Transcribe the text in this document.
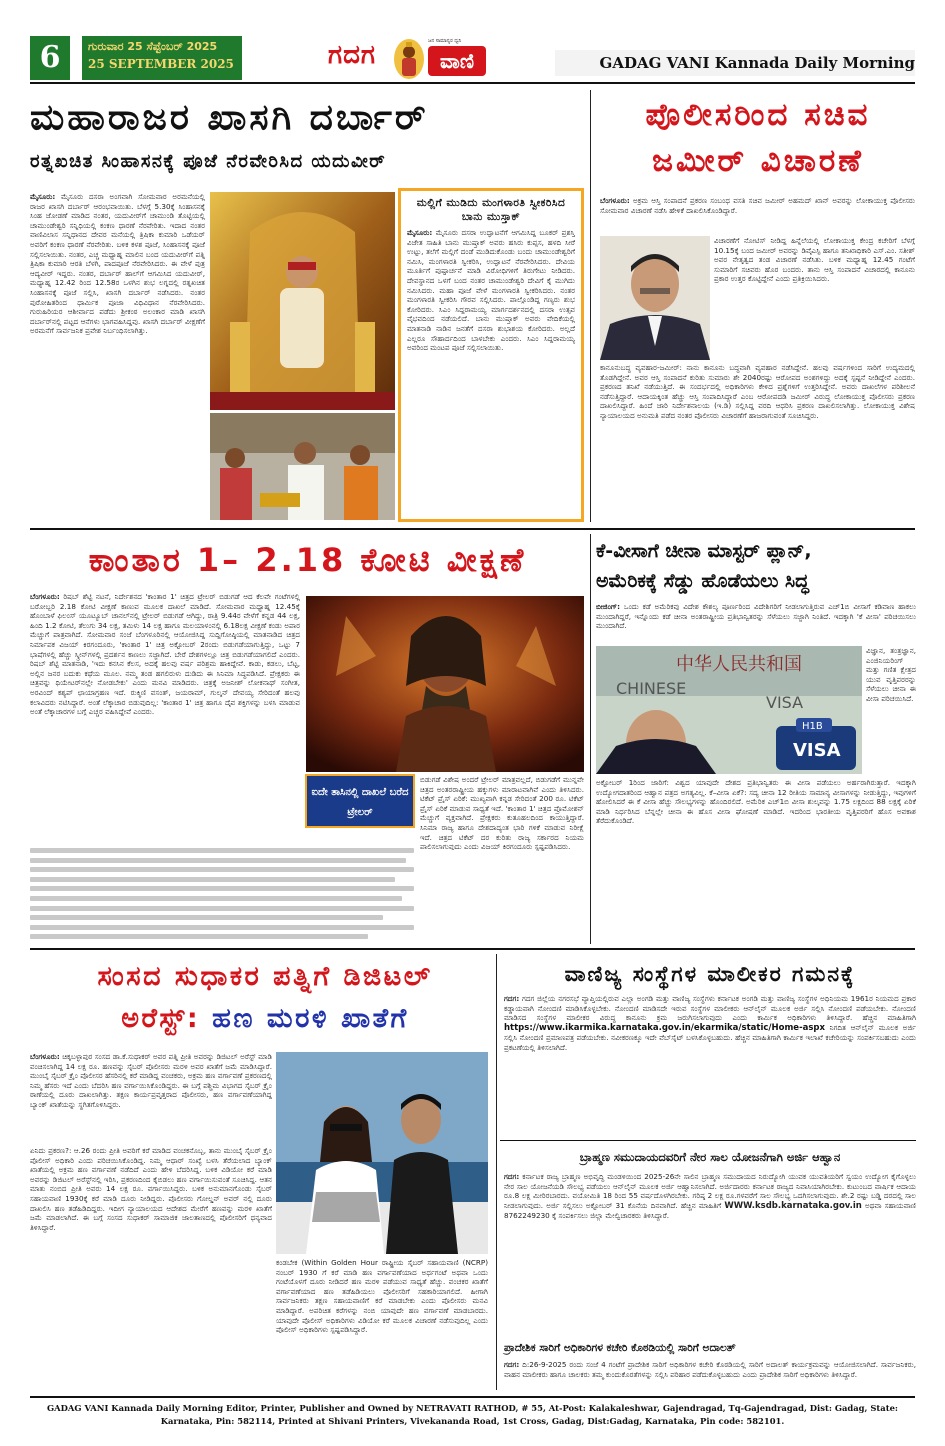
6	ಗುರುವಾರ 25 ಸೆಪ್ಟೆಂಬರ್ 2025
25 SEPTEMBER 2025	ಗದಗ	ವಾಣಿ
ಜನ ಸಾಮಾನ್ಯರ ಧ್ವನಿ
GADAG VANI Kannada Daily Morning
ಮಹಾರಾಜರ ಖಾಸಗಿ ದರ್ಬಾರ್
ರತ್ನಖಚಿತ ಸಿಂಹಾಸನಕ್ಕೆ ಪೂಜೆ ನೆರವೇರಿಸಿದ ಯದುವೀರ್

ಮೈಸೂರು: ಮೈಸೂರು ದಸರಾ ಅಂಗವಾಗಿ ಸೋಮವಾರ ಅರಮನೆಯಲ್ಲಿ ರಾಜರ ಖಾಸಗಿ ದರ್ಬಾರ್ ಆರಂಭವಾಯಿತು. ಬೆಳಗ್ಗೆ 5.30ಕ್ಕೆ ಸಿಂಹಾಸನಕ್ಕೆ ಸಿಂಹ ಜೋಡಣೆ ಮಾಡಿದ ನಂತರ, ಯದುವೀರ್‌ಗೆ ಚಾಮುಂಡಿ ತೊಟ್ಟಿಯಲ್ಲಿ ಚಾಮುಂಡೇಶ್ವರಿ ಸನ್ನಿಧಿಯಲ್ಲಿ ಕಂಕಣ ಧಾರಣೆ ನೆರವೇರಿತು. ಇದಾದ ನಂತರ ವಾಣಿವಿಲಾಸ ಸನ್ನಿಧಾನದ ದೇವರ ಮನೆಯಲ್ಲಿ ತ್ರಿಷಿಕಾ ಕುಮಾರಿ ಒಡೆಯರ್ ಅವರಿಗೆ ಕಂಕಣ ಧಾರಣೆ ನೆರವೇರಿತು. ಬಳಿಕ ಕಳಶ ಪೂಜೆ, ಸಿಂಹಾಸನಕ್ಕೆ ಪೂಜೆ ಸಲ್ಲಿಸಲಾಯಿತು. ನಂತರ, ಎಚ್ಚ ಮಧ್ಯಾಹ್ನ ಮಾಲಿನ ಬಂದ ಯದುವೀರ್‌ಗೆ ಪತ್ನಿ ತ್ರಿಷಿಕಾ ಕುಮಾರಿ ಆರತಿ ಬೆಳಗಿ, ಪಾದಪೂಜೆ ನೆರವೇರಿಸಿದರು. ಈ ವೇಳೆ ಪುತ್ರ ಆದ್ಯವೀರ್ ಇದ್ದರು. ನಂತರ, ದರ್ಬಾರ್ ಹಾಲ್‌ಗೆ ಆಗಮಿಸಿದ ಯದುವೀರ್, ಮಧ್ಯಾಹ್ನ 12.42 ರಿಂದ 12.58ರ ಒಳಗಿನ ಶುಭ ಲಗ್ನದಲ್ಲಿ ರತ್ನಖಚಿತ ಸಿಂಹಾಸನಕ್ಕೆ ಪೂಜೆ ಸಲ್ಲಿಸಿ, ಖಾಸಗಿ ದರ್ಬಾರ್ ನಡೆಸಿದರು. ನಂತರ ಪುರೋಹಿತರಿಂದ ಧಾರ್ಮಿಕ ಪೂಜಾ ವಿಧಿವಿಧಾನ ನೆರವೇರಿಸಿದರು. ಗುರುಹಿರಿಯರ ಆಶೀರ್ವಾದ ಪಡೆದು ಶ್ರೀಕಂಠ ಅಲಂಕಾರ ಮಾಡಿ ಖಾಸಗಿ ದರ್ಬಾರ್‌ನಲ್ಲಿ ಪಟ್ಟದ ಆನೆಗಳು ಭಾಗವಹಿಸಿದ್ದವು. ಖಾಸಗಿ ದರ್ಬಾರ್ ವೀಕ್ಷಣೆಗೆ ಅರಮನೆಗೆ ಸಾರ್ವಜನಿಕ ಪ್ರವೇಶ ನಿರ್ಬಂಧಿಸಲಾಗಿತ್ತು.

ಮಲ್ಲಿಗೆ ಮುಡಿದು ಮಂಗಳಾರತಿ ಸ್ವೀಕರಿಸಿದ ಬಾನು ಮುಸ್ತಾಕ್

ಮೈಸೂರು: ಮೈಸೂರು ದಸರಾ ಉದ್ಘಾಟನೆಗೆ ಆಗಮಿಸಿದ್ದ ಬೂಕರ್ ಪ್ರಶಸ್ತಿ ವಿಜೇತ ಸಾಹಿತಿ ಬಾನು ಮುಷ್ತಾಕ್ ಅವರು ಹಸಿರು ಕುಪ್ಪಸ, ಹಳದಿ ಸೀರೆ ಉಟ್ಟು, ತಲೆಗೆ ಮಲ್ಲಿಗೆ ದಂಡೆ ಮುಡಿದುಕೊಂಡು ಬಂದು ಚಾಮುಂಡೇಶ್ವರಿಗೆ ನಮಿಸಿ, ಮಂಗಳಾರತಿ ಸ್ವೀಕರಿಸಿ, ಉದ್ಘಾಟನೆ ನೆರವೇರಿಸಿದರು. ದೇವಿಯ ಮೂರ್ತಿಗೆ ಪುಷ್ಪಾರ್ಚನೆ ಮಾಡಿ ವಿರೋಧಿಗಳಿಗೆ ತಿರುಗೇಟು ನೀಡಿದರು. ದೇವಸ್ಥಾನದ ಒಳಗೆ ಬಂದ ನಂತರ ಚಾಮುಂಡೇಶ್ವರಿ ದೇವಿಗೆ ಕೈ ಮುಗಿದು ನಮಿಸಿದರು. ಮಹಾ ಪೂಜೆ ವೇಳೆ ಮಂಗಳಾರತಿ ಸ್ವೀಕರಿಸಿದರು. ನಂತರ ಮಂಗಳಾರತಿ ಸ್ವೀಕರಿಸಿ ಗೌರವ ಸಲ್ಲಿಸಿದರು. ಪಾಲ್ಗೊಂಡಿದ್ದ ಗಣ್ಯರು ಶುಭ ಕೋರಿದರು. ಸಿಎಂ ಸಿದ್ದರಾಮಯ್ಯ ಮಾರ್ಗದರ್ಶನದಲ್ಲಿ ದಸರಾ ಉತ್ಸವ ವೈಭವದಿಂದ ನಡೆಯಲಿದೆ. ಬಾನು ಮುಷ್ತಾಕ್ ಅವರು ವೇದಿಕೆಯಲ್ಲಿ ಮಾತನಾಡಿ ನಾಡಿನ ಜನತೆಗೆ ದಸರಾ ಶುಭಾಶಯ ಕೋರಿದರು. ಅಲ್ಲದೆ ಎಲ್ಲರೂ ಸೌಹಾರ್ದದಿಂದ ಬಾಳಬೇಕು ಎಂದರು. ಸಿಎಂ ಸಿದ್ದರಾಮಯ್ಯ ಅವರಿಂದ ಮಂಟಪ ಪೂಜೆ ಸಲ್ಲಿಸಲಾಯಿತು.

ಪೊಲೀಸರಿಂದ ಸಚಿವ
ಜಮೀರ್ ವಿಚಾರಣೆ

ಬೆಂಗಳೂರು: ಅಕ್ರಮ ಆಸ್ತಿ ಸಂಪಾದನೆ ಪ್ರಕರಣ ಸಂಬಂಧ ವಸತಿ ಸಚಿವ ಜಮೀರ್ ಅಹಮದ್ ಖಾನ್ ಅವರನ್ನು ಲೋಕಾಯುಕ್ತ ಪೊಲೀಸರು ಸೋಮವಾರ ವಿಚಾರಣೆ ನಡೆಸಿ ಹೇಳಿಕೆ ದಾಖಲಿಸಿಕೊಂಡಿದ್ದಾರೆ.

ವಿಚಾರಣೆಗೆ ನೋಟಿಸ್ ನೀಡಿದ್ದ ಹಿನ್ನೆಲೆಯಲ್ಲಿ ಲೋಕಾಯುಕ್ತ ಕೇಂದ್ರ ಕಚೇರಿಗೆ ಬೆಳಗ್ಗೆ 10.15ಕ್ಕೆ ಬಂದ ಜಮೀರ್ ಅವರನ್ನು ಡಿವೈಎಸ್ಪಿ ಹಾಗೂ ತನಿಖಾಧಿಕಾರಿ ಎಸ್.ಎಂ. ಸತೀಶ್ ಅವರ ನೇತೃತ್ವದ ತಂಡ ವಿಚಾರಣೆ ನಡೆಸಿತು. ಬಳಿಕ ಮಧ್ಯಾಹ್ನ 12.45 ಗಂಟೆಗೆ ಸುಮಾರಿಗೆ ಸಚಿವರು ಹೊರ ಬಂದರು. ತಾನು ಆಸ್ತಿ ಸಂಪಾದನೆ ವಿಚಾರದಲ್ಲಿ ಕಾನೂನು ಪ್ರಕಾರ ಉತ್ತರ ಕೊಟ್ಟಿದ್ದೇನೆ ಎಂದು ಪ್ರತಿಕ್ರಿಯಿಸಿದರು.

ಕಾನೂನುಬದ್ಧ ವ್ಯವಹಾರ-ಜಮೀರ್: ನಾನು ಕಾನೂನು ಬದ್ಧವಾಗಿ ವ್ಯವಹಾರ ನಡೆಸಿದ್ದೇನೆ. ಹಲವು ವರ್ಷಗಳಿಂದ ಸಾರಿಗೆ ಉದ್ಯಮದಲ್ಲಿ ತೊಡಗಿದ್ದೇನೆ. ಅವರ ಆಸ್ತಿ ಸಂಪಾದನೆ ಕುರಿತು ಸುಮಾರು ಶೇ 2040ರಷ್ಟು ಆರೋಪದ ಅಂಶಗಳಿದ್ದು ಅದಕ್ಕೆ ಸ್ಪಷ್ಟನೆ ನೀಡಿದ್ದೇನೆ ಎಂದರು. ಪ್ರಕರಣದ ತನಿಖೆ ನಡೆಯುತ್ತಿದೆ. ಈ ಸಂದರ್ಭದಲ್ಲಿ ಅಧಿಕಾರಿಗಳು ಕೇಳಿದ ಪ್ರಶ್ನೆಗಳಿಗೆ ಉತ್ತರಿಸಿದ್ದೇನೆ. ಅವರು ದಾಖಲೆಗಳ ಪರಿಶೀಲನೆ ನಡೆಸುತ್ತಿದ್ದಾರೆ. ಆದಾಯಕ್ಕಿಂತ ಹೆಚ್ಚು ಆಸ್ತಿ ಸಂಪಾದಿಸಿದ್ದಾರೆ ಎಂಬ ಆರೋಪದಡಿ ಜಮೀರ್ ವಿರುದ್ಧ ಲೋಕಾಯುಕ್ತ ಪೊಲೀಸರು ಪ್ರಕರಣ ದಾಖಲಿಸಿದ್ದಾರೆ. ಹಿಂದೆ ಜಾರಿ ನಿರ್ದೇಶನಾಲಯ (ಇ.ಡಿ) ಸಲ್ಲಿಸಿದ್ದ ವರದಿ ಆಧರಿಸಿ ಪ್ರಕರಣ ದಾಖಲಿಸಲಾಗಿತ್ತು. ಲೋಕಾಯುಕ್ತ ವಿಶೇಷ ನ್ಯಾಯಾಲಯದ ಅನುಮತಿ ಪಡೆದ ನಂತರ ಪೊಲೀಸರು ವಿಚಾರಣೆಗೆ ಹಾಜರಾಗುವಂತೆ ಸೂಚಿಸಿದ್ದರು.

ಕಾಂತಾರ 1– 2.18 ಕೋಟಿ ವೀಕ್ಷಣೆ

ಬೆಂಗಳೂರು: ರಿಷಬ್ ಶೆಟ್ಟಿ ನಟನೆ, ನಿರ್ದೇಶನದ 'ಕಾಂತಾರ 1' ಚಿತ್ರದ ಟ್ರೇಲರ್ ಬಿಡುಗಡೆ ಆದ ಕೆಲವೇ ಗಂಟೆಗಳಲ್ಲಿ ಬರೋಬ್ಬರಿ 2.18 ಕೋಟಿ ವೀಕ್ಷಣೆ ಕಾಣುವ ಮೂಲಕ ದಾಖಲೆ ಮಾಡಿದೆ. ಸೋಮವಾರ ಮಧ್ಯಾಹ್ನ 12.45ಕ್ಕೆ ಹೊಂಬಾಳೆ ಫಿಲಂಸ್ ಯೂಟ್ಯೂಬ್ ಚಾನಲ್‌ನಲ್ಲಿ ಟ್ರೇಲರ್ ಬಿಡುಗಡೆ ಆಗಿದ್ದು, ರಾತ್ರಿ 9.44ರ ವೇಳೆಗೆ ಕನ್ನಡ 44 ಲಕ್ಷ, ಹಿಂದಿ 1.2 ಕೋಟಿ, ತೆಲುಗು 34 ಲಕ್ಷ, ತಮಿಳು 14 ಲಕ್ಷ ಹಾಗೂ ಮಲಯಾಳಂನಲ್ಲಿ 6.18ಲಕ್ಷ ವೀಕ್ಷಣೆ ಕಂಡು ಅಪಾರ ಮೆಚ್ಚುಗೆ ಪಾತ್ರವಾಗಿದೆ. ಸೋಮವಾರ ಸಂಜೆ ಬೆಂಗಳೂರಿನಲ್ಲಿ ಆಯೋಜಿಸಿದ್ದ ಸುದ್ದಿಗೋಷ್ಠಿಯಲ್ಲಿ ಮಾತನಾಡಿದ ಚಿತ್ರದ ನಿರ್ಮಾಪಕ ವಿಜಯ್ ಕಿರಗಂದೂರು, 'ಕಾಂತಾರ 1' ಚಿತ್ರ ಅಕ್ಟೋಬರ್ 2ರಂದು ಬಿಡುಗಡೆಯಾಗುತ್ತಿದ್ದು, ಒಟ್ಟು 7 ಭಾಷೆಗಳಲ್ಲಿ ಹೆಚ್ಚು ಸ್ಕ್ರೀನ್‌ಗಳಲ್ಲಿ ಪ್ರದರ್ಶನ ಕಾಣಲು ಸಜ್ಜಾಗಿದೆ. ಬೇರೆ ದೇಶಗಳಲ್ಲೂ ಚಿತ್ರ ಬಿಡುಗಡೆಯಾಗಲಿದೆ ಎಂದರು. ರಿಷಬ್ ಶೆಟ್ಟಿ ಮಾತನಾಡಿ, 'ಇದು ಕನಸಿನ ಕೆಲಸ, ಅದಕ್ಕೆ ಹಲವು ವರ್ಷ ಪರಿಶ್ರಮ ಹಾಕಿದ್ದೇವೆ. ಕಾಡು, ಕಡಲು, ಬೆಟ್ಟ, ಅಲ್ಲಿನ ಜನರ ಬದುಕು ಕಥೆಯ ಮೂಲ. ನಮ್ಮ ತಂಡ ಹಗಲಿರುಳು ದುಡಿದು ಈ ಸಿನಿಮಾ ಸಿದ್ಧಪಡಿಸಿದೆ. ಪ್ರೇಕ್ಷಕರು ಈ ಚಿತ್ರವನ್ನು ಥಿಯೇಟರ್‌ನಲ್ಲೇ ನೋಡಬೇಕು' ಎಂದು ಮನವಿ ಮಾಡಿದರು. ಚಿತ್ರಕ್ಕೆ ಅಜನೀಶ್ ಲೋಕನಾಥ್ ಸಂಗೀತ, ಅರವಿಂದ್ ಕಶ್ಯಪ್ ಛಾಯಾಗ್ರಹಣ ಇದೆ. ರುಕ್ಮಿಣಿ ವಸಂತ್, ಜಯರಾಮ್, ಗುಲ್ಶನ್ ದೇವಯ್ಯ ಸೇರಿದಂತೆ ಹಲವು ಕಲಾವಿದರು ನಟಿಸಿದ್ದಾರೆ. ಅಂತೆ ಲೆಕ್ಕಾಚಾರ ಬಿಡುವುದಿಲ್ಲ: 'ಕಾಂತಾರ 1' ಚಿತ್ರ ಹಾಗೂ ದೈವ ಶಕ್ತಿಗಳನ್ನು ಬಳಸಿ ಮಾಡುವ ಅಂತೆ ಲೆಕ್ಕಾಚಾರಗಳ ಬಗ್ಗೆ ಎಚ್ಚರ ವಹಿಸಿದ್ದೇವೆ ಎಂದರು.

ಐದೇ ತಾಸಿನಲ್ಲಿ ದಾಖಲೆ ಬರೆದ ಟ್ರೇಲರ್

ಬಿಡುಗಡೆ ವಿಶೇಷ ಅಂದರೆ ಟ್ರೇಲರ್‌ ಮಾತ್ರವಲ್ಲದೆ, ಬಿಡುಗಡೆಗೆ ಮುನ್ನವೇ ಚಿತ್ರದ ಅಂತರರಾಷ್ಟ್ರೀಯ ಹಕ್ಕುಗಳು ಮಾರಾಟವಾಗಿವೆ ಎಂದು ತಿಳಿಸಿದರು. ಟಿಕೆಟ್ ಪ್ರೈಸ್ ಏರಿಕೆ: ಮುಖ್ಯವಾಗಿ ಕನ್ನಡ ಸೇರಿದಂತೆ 200 ರೂ. ಟಿಕೆಟ್ ಪ್ರೈಸ್ ಏರಿಕೆ ಮಾಡುವ ಸಾಧ್ಯತೆ ಇದೆ. 'ಕಾಂತಾರ 1' ಚಿತ್ರದ ಪ್ರೊಮೋಶನ್ ಮೆಚ್ಚುಗೆ ವ್ಯಕ್ತವಾಗಿದೆ. ಪ್ರೇಕ್ಷಕರು ಕುತೂಹಲದಿಂದ ಕಾಯುತ್ತಿದ್ದಾರೆ. ಸಿನಿಮಾ ರಾಜ್ಯ ಹಾಗೂ ದೇಶದಾದ್ಯಂತ ಭಾರಿ ಗಳಿಕೆ ಮಾಡುವ ನಿರೀಕ್ಷೆ ಇದೆ. ಚಿತ್ರದ ಟಿಕೆಟ್ ದರ ಕುರಿತು ರಾಜ್ಯ ಸರ್ಕಾರದ ನಿಯಮ ಪಾಲಿಸಲಾಗುವುದು ಎಂದು ವಿಜಯ್ ಕಿರಗಂದೂರು ಸ್ಪಷ್ಟಪಡಿಸಿದರು.

ಕೆ-ವೀಸಾಗೆ ಚೀನಾ ಮಾಸ್ಟರ್ ಪ್ಲಾನ್,
ಅಮೆರಿಕಕ್ಕೆ ಸೆಡ್ಡು ಹೊಡೆಯಲು ಸಿದ್ಧ

ಬೀಜಿಂಗ್: ಒಂದು ಕಡೆ ಅಮೆರಿಕವು ವಿದೇಶ ಕೌಶಲ್ಯ ಪೂರ್ಣರಿಂದ ವಿದೇಶಿಗರಿಗೆ ನೀಡಲಾಗುತ್ತಿರುವ ಎಚ್‌1ಬಿ ವೀಸಾಗೆ ಕಡಿವಾಣ ಹಾಕಲು ಮುಂದಾಗಿದ್ದರೆ, ಇನ್ನೊಂದು ಕಡೆ ಚೀನಾ ಅಂತರಾಷ್ಟ್ರೀಯ ಪ್ರತಿಭಾನ್ವಿತರನ್ನು ಸೆಳೆಯಲು ಸಜ್ಜಾಗಿ ನಿಂತಿದೆ. ಇದಕ್ಕಾಗಿ 'ಕೆ ವೀಸಾ' ಪರಿಚಯಿಸಲು ಮುಂದಾಗಿದೆ.

中华人民共和国
CHINESE
VISA
VISA
H1B

ವಿಜ್ಞಾನ, ತಂತ್ರಜ್ಞಾನ, ಎಂಜಿನಿಯರಿಂಗ್ ಮತ್ತು ಗಣಿತ ಕ್ಷೇತ್ರದ ಯುವ ವೃತ್ತಿಪರರನ್ನು ಸೆಳೆಯಲು ಚೀನಾ ಈ ವೀಸಾ ಪರಿಚಯಿಸಿದೆ.

ಅಕ್ಟೋಬರ್ 1ರಿಂದ ಜಾರಿಗೆ: ವಿಶ್ವದ ಯಾವುದೇ ದೇಶದ ಪ್ರತಿಭಾನ್ವಿತರು ಈ ವೀಸಾ ಪಡೆಯಲು ಅರ್ಹರಾಗಿರುತ್ತಾರೆ. ಇದಕ್ಕಾಗಿ ಉದ್ಯೋಗದಾತರಿಂದ ಆಹ್ವಾನ ಪತ್ರದ ಅಗತ್ಯವಿಲ್ಲ. ಕೆ–ವೀಸಾ ಏಕೆ?: ಸದ್ಯ ಚೀನಾ 12 ರೀತಿಯ ಸಾಮಾನ್ಯ ವೀಸಾಗಳನ್ನು ನೀಡುತ್ತಿದ್ದು, ಇವುಗಳಿಗೆ ಹೋಲಿಸಿದರೆ ಈ ಕೆ ವೀಸಾ ಹೆಚ್ಚು ಸೌಲಭ್ಯಗಳನ್ನು ಹೊಂದಿರಲಿದೆ. ಅಮೆರಿಕ ಎಚ್‌1ಬಿ ವೀಸಾ ಶುಲ್ಕವನ್ನು 1.75 ಲಕ್ಷದಿಂದ 88 ಲಕ್ಷಕ್ಕೆ ಏರಿಕೆ ಮಾಡಿ ನಿರ್ಧರಿಸಿದ ಬೆನ್ನಲ್ಲೇ ಚೀನಾ ಈ ಹೊಸ ವೀಸಾ ಘೋಷಣೆ ಮಾಡಿದೆ. ಇದರಿಂದ ಭಾರತೀಯ ವೃತ್ತಿಪರರಿಗೆ ಹೊಸ ಅವಕಾಶ ತೆರೆದುಕೊಂಡಿದೆ.

ಸಂಸದ ಸುಧಾಕರ ಪತ್ನಿಗೆ ಡಿಜಿಟಲ್
ಅರೆಸ್ಟ್: ಹಣ ಮರಳಿ ಖಾತೆಗೆ

ಬೆಂಗಳೂರು: ಚಿಕ್ಕಬಳ್ಳಾಪುರ ಸಂಸದ ಡಾ.ಕೆ.ಸುಧಾಕರ್ ಅವರ ಪತ್ನಿ ಪ್ರೀತಿ ಅವರನ್ನು ಡಿಜಿಟಲ್ ಅರೆಸ್ಟ್ ಮಾಡಿ ವಂಚಿಸಲಾಗಿದ್ದ 14 ಲಕ್ಷ ರೂ. ಹಣವನ್ನು ಸೈಬರ್ ಪೊಲೀಸರು ಮರಳಿ ಅವರ ಖಾತೆಗೆ ಜಮೆ ಮಾಡಿಸಿದ್ದಾರೆ. ಮುಂಬೈ ಸೈಬರ್ ಕ್ರೈಂ ಪೊಲೀಸರ ಹೆಸರಿನಲ್ಲಿ ಕರೆ ಮಾಡಿದ್ದ ವಂಚಕರು, ಅಕ್ರಮ ಹಣ ವರ್ಗಾವಣೆ ಪ್ರಕರಣದಲ್ಲಿ ನಿಮ್ಮ ಹೆಸರು ಇದೆ ಎಂದು ಬೆದರಿಸಿ ಹಣ ವರ್ಗಾಯಿಸಿಕೊಂಡಿದ್ದರು. ಈ ಬಗ್ಗೆ ಪಶ್ಚಿಮ ವಿಭಾಗದ ಸೈಬರ್ ಕ್ರೈಂ ಠಾಣೆಯಲ್ಲಿ ದೂರು ದಾಖಲಾಗಿತ್ತು. ತಕ್ಷಣ ಕಾರ್ಯಪ್ರವೃತ್ತರಾದ ಪೊಲೀಸರು, ಹಣ ವರ್ಗಾವಣೆಯಾಗಿದ್ದ ಬ್ಯಾಂಕ್ ಖಾತೆಯನ್ನು ಸ್ಥಗಿತಗೊಳಿಸಿದ್ದರು.

ಏನಿದು ಪ್ರಕರಣ?: ಆ.26 ರಂದು ಪ್ರೀತಿ ಅವರಿಗೆ ಕರೆ ಮಾಡಿದ ವಂಚಕನೊಬ್ಬ, ತಾನು ಮುಂಬೈ ಸೈಬರ್ ಕ್ರೈಂ ಪೊಲೀಸ್ ಅಧಿಕಾರಿ ಎಂದು ಪರಿಚಯಿಸಿಕೊಂಡಿದ್ದ. ನಿಮ್ಮ ಆಧಾರ್ ಸಂಖ್ಯೆ ಬಳಸಿ ತೆರೆಯಲಾದ ಬ್ಯಾಂಕ್ ಖಾತೆಯಲ್ಲಿ ಅಕ್ರಮ ಹಣ ವರ್ಗಾವಣೆ ನಡೆದಿದೆ ಎಂದು ಹೇಳಿ ಬೆದರಿಸಿದ್ದ. ಬಳಿಕ ವಿಡಿಯೋ ಕರೆ ಮಾಡಿ ಅವರನ್ನು ಡಿಜಿಟಲ್ ಅರೆಸ್ಟ್‌ನಲ್ಲಿ ಇರಿಸಿ, ಪ್ರಕರಣದಿಂದ ಕೈಬಿಡಲು ಹಣ ವರ್ಗಾಯಿಸುವಂತೆ ಸೂಚಿಸಿದ್ದ. ಆತನ ಮಾತು ನಂಬಿದ ಪ್ರೀತಿ ಅವರು 14 ಲಕ್ಷ ರೂ. ವರ್ಗಾಯಿಸಿದ್ದರು. ಬಳಿಕ ಅನುಮಾನಗೊಂಡು ಸೈಬರ್ ಸಹಾಯವಾಣಿ 1930ಕ್ಕೆ ಕರೆ ಮಾಡಿ ದೂರು ನೀಡಿದ್ದರು. ಪೊಲೀಸರು ಗೋಲ್ಡನ್ ಅವರ್ ನಲ್ಲಿ ದೂರು ದಾಖಲಿಸಿ ಹಣ ತಡೆಹಿಡಿದಿದ್ದರು. ಇದೀಗ ನ್ಯಾಯಾಲಯದ ಆದೇಶದ ಮೇರೆಗೆ ಹಣವನ್ನು ಮರಳಿ ಖಾತೆಗೆ ಜಮೆ ಮಾಡಲಾಗಿದೆ. ಈ ಬಗ್ಗೆ ಸಂಸದ ಸುಧಾಕರ್ ಸಾಮಾಜಿಕ ಜಾಲತಾಣದಲ್ಲಿ ಪೊಲೀಸರಿಗೆ ಧನ್ಯವಾದ ತಿಳಿಸಿದ್ದಾರೆ.

ಕಂಡಬೇಕ (Within Golden Hour ರಾಷ್ಟ್ರೀಯ ಸೈಬರ್ ಸಹಾಯವಾಣಿ (NCRP) ನಂಬರ್ 1930 ಗೆ ಕರೆ ಮಾಡಿ ಹಣ ವರ್ಗಾವಣೆಯಾದ ಅರ್ಧಗಂಟೆ ಅಥವಾ ಒಂದು ಗಂಟೆಯೊಳಗೆ ದೂರು ನೀಡಿದರೆ ಹಣ ಮರಳಿ ಪಡೆಯುವ ಸಾಧ್ಯತೆ ಹೆಚ್ಚು. ವಂಚಕರ ಖಾತೆಗೆ ವರ್ಗಾವಣೆಯಾದ ಹಣ ತಡೆಹಿಡಿಯಲು ಪೊಲೀಸರಿಗೆ ಸಹಕಾರಿಯಾಗಲಿದೆ. ಹೀಗಾಗಿ ಸಾರ್ವಜನಿಕರು ತಕ್ಷಣ ಸಹಾಯವಾಣಿಗೆ ಕರೆ ಮಾಡಬೇಕು ಎಂದು ಪೊಲೀಸರು ಮನವಿ ಮಾಡಿದ್ದಾರೆ. ಅಪರಿಚಿತ ಕರೆಗಳನ್ನು ನಂಬಿ ಯಾವುದೇ ಹಣ ವರ್ಗಾವಣೆ ಮಾಡಬಾರದು. ಯಾವುದೇ ಪೊಲೀಸ್ ಅಧಿಕಾರಿಗಳು ವಿಡಿಯೋ ಕರೆ ಮೂಲಕ ವಿಚಾರಣೆ ನಡೆಸುವುದಿಲ್ಲ ಎಂದು ಪೊಲೀಸ್ ಅಧಿಕಾರಿಗಳು ಸ್ಪಷ್ಟಪಡಿಸಿದ್ದಾರೆ.

ವಾಣಿಜ್ಯ ಸಂಸ್ಥೆಗಳ ಮಾಲೀಕರ ಗಮನಕ್ಕೆ

ಗದಗ: ಗದಗ ಜಿಲ್ಲೆಯ ನಗರಸಭೆ ವ್ಯಾಪ್ತಿಯಲ್ಲಿರುವ ಎಲ್ಲಾ ಅಂಗಡಿ ಮತ್ತು ವಾಣಿಜ್ಯ ಸಂಸ್ಥೆಗಳು ಕರ್ನಾಟಕ ಅಂಗಡಿ ಮತ್ತು ವಾಣಿಜ್ಯ ಸಂಸ್ಥೆಗಳ ಅಧಿನಿಯಮ 1961ರ ನಿಯಮದ ಪ್ರಕಾರ ಕಡ್ಡಾಯವಾಗಿ ನೋಂದಣಿ ಮಾಡಿಸಿಕೊಳ್ಳಬೇಕು. ನೋಂದಣಿ ಮಾಡಿಸದೇ ಇರುವ ಸಂಸ್ಥೆಗಳ ಮಾಲೀಕರು ಆನ್‌ಲೈನ್ ಮೂಲಕ ಅರ್ಜಿ ಸಲ್ಲಿಸಿ ನೋಂದಣಿ ಪಡೆಯಬೇಕು. ನೋಂದಣಿ ಮಾಡಿಸದ ಸಂಸ್ಥೆಗಳ ಮಾಲೀಕರ ವಿರುದ್ಧ ಕಾನೂನು ಕ್ರಮ ಜರುಗಿಸಲಾಗುವುದು ಎಂದು ಕಾರ್ಮಿಕ ಅಧಿಕಾರಿಗಳು ತಿಳಿಸಿದ್ದಾರೆ. ಹೆಚ್ಚಿನ ಮಾಹಿತಿಗಾಗಿ https://www.ikarmika.karnataka.gov.in/ekarmika/static/Home-aspx ನಿಗದಿತ ಆನ್‌ಲೈನ್ ಮೂಲಕ ಅರ್ಜಿ ಸಲ್ಲಿಸಿ ನೋಂದಣಿ ಪ್ರಮಾಣಪತ್ರ ಪಡೆಯಬೇಕು. ನವೀಕರಣಕ್ಕೂ ಇದೇ ವೆಬ್‌ಸೈಟ್ ಬಳಸಿಕೊಳ್ಳಬಹುದು. ಹೆಚ್ಚಿನ ಮಾಹಿತಿಗಾಗಿ ಕಾರ್ಮಿಕ ಇಲಾಖೆ ಕಚೇರಿಯನ್ನು ಸಂಪರ್ಕಿಸಬಹುದು ಎಂದು ಪ್ರಕಟಣೆಯಲ್ಲಿ ತಿಳಿಸಲಾಗಿದೆ.

ಬ್ರಾಹ್ಮಣ ಸಮುದಾಯದವರಿಗೆ ನೇರ ಸಾಲ ಯೋಜನೆಗಾಗಿ ಅರ್ಜಿ ಆಹ್ವಾನ

ಗದಗ: ಕರ್ನಾಟಕ ರಾಜ್ಯ ಬ್ರಾಹ್ಮಣ ಅಭಿವೃದ್ಧಿ ಮಂಡಳಿಯಿಂದ 2025-26ನೇ ಸಾಲಿನ ಬ್ರಾಹ್ಮಣ ಸಮುದಾಯದ ನಿರುದ್ಯೋಗಿ ಯುವಕ ಯುವತಿಯರಿಗೆ ಸ್ವಯಂ ಉದ್ಯೋಗ ಕೈಗೊಳ್ಳಲು ನೇರ ಸಾಲ ಯೋಜನೆಯಡಿ ಸೌಲಭ್ಯ ಪಡೆಯಲು ಆನ್‌ಲೈನ್ ಮೂಲಕ ಅರ್ಜಿ ಆಹ್ವಾನಿಸಲಾಗಿದೆ. ಅರ್ಜಿದಾರರು ಕರ್ನಾಟಕ ರಾಜ್ಯದ ನಿವಾಸಿಯಾಗಿರಬೇಕು. ಕುಟುಂಬದ ವಾರ್ಷಿಕ ಆದಾಯ ರೂ.8 ಲಕ್ಷ ಮೀರಿರಬಾರದು. ವಯೋಮಿತಿ 18 ರಿಂದ 55 ವರ್ಷದೊಳಗಿರಬೇಕು. ಗರಿಷ್ಠ 2 ಲಕ್ಷ ರೂ.ಗಳವರೆಗೆ ಸಾಲ ಸೌಲಭ್ಯ ಒದಗಿಸಲಾಗುವುದು. ಶೇ.2 ರಷ್ಟು ಬಡ್ಡಿ ದರದಲ್ಲಿ ಸಾಲ ನೀಡಲಾಗುವುದು. ಅರ್ಜಿ ಸಲ್ಲಿಸಲು ಅಕ್ಟೋಬರ್ 31 ಕೊನೆಯ ದಿನವಾಗಿದೆ. ಹೆಚ್ಚಿನ ಮಾಹಿತಿಗೆ WWW.ksdb.karnataka.gov.in ಅಥವಾ ಸಹಾಯವಾಣಿ 8762249230 ಕ್ಕೆ ಸಂಪರ್ಕಿಸಲು ಜಿಲ್ಲಾ ಮೇಲ್ವಿಚಾರಕರು ತಿಳಿಸಿದ್ದಾರೆ.

ಪ್ರಾದೇಶಿಕ ಸಾರಿಗೆ ಅಧಿಕಾರಿಗಳ ಕಚೇರಿ ಕೊಠಡಿಯಲ್ಲಿ ಸಾರಿಗೆ ಅದಾಲತ್

ಗದಗ: ದಿ:26-9-2025 ರಂದು ಸಂಜೆ 4 ಗಂಟೆಗೆ ಪ್ರಾದೇಶಿಕ ಸಾರಿಗೆ ಅಧಿಕಾರಿಗಳ ಕಚೇರಿ ಕೊಠಡಿಯಲ್ಲಿ ಸಾರಿಗೆ ಅದಾಲತ್ ಕಾರ್ಯಕ್ರಮವನ್ನು ಆಯೋಜಿಸಲಾಗಿದೆ. ಸಾರ್ವಜನಿಕರು, ವಾಹನ ಮಾಲೀಕರು ಹಾಗೂ ಚಾಲಕರು ತಮ್ಮ ಕುಂದುಕೊರತೆಗಳನ್ನು ಸಲ್ಲಿಸಿ ಪರಿಹಾರ ಪಡೆದುಕೊಳ್ಳಬಹುದು ಎಂದು ಪ್ರಾದೇಶಿಕ ಸಾರಿಗೆ ಅಧಿಕಾರಿಗಳು ತಿಳಿಸಿದ್ದಾರೆ.

GADAG VANI Kannada Daily Morning Editor, Printer, Publisher and Owned by NETRAVATI RATHOD, # 55, At-Post: Kalakaleshwar, Gajendragad, Tq-Gajendragad, Dist: Gadag, State:
Karnataka, Pin: 582114, Printed at Shivani Printers, Vivekananda Road, 1st Cross, Gadag, Dist:Gadag, Karnataka, Pin code: 582101.
